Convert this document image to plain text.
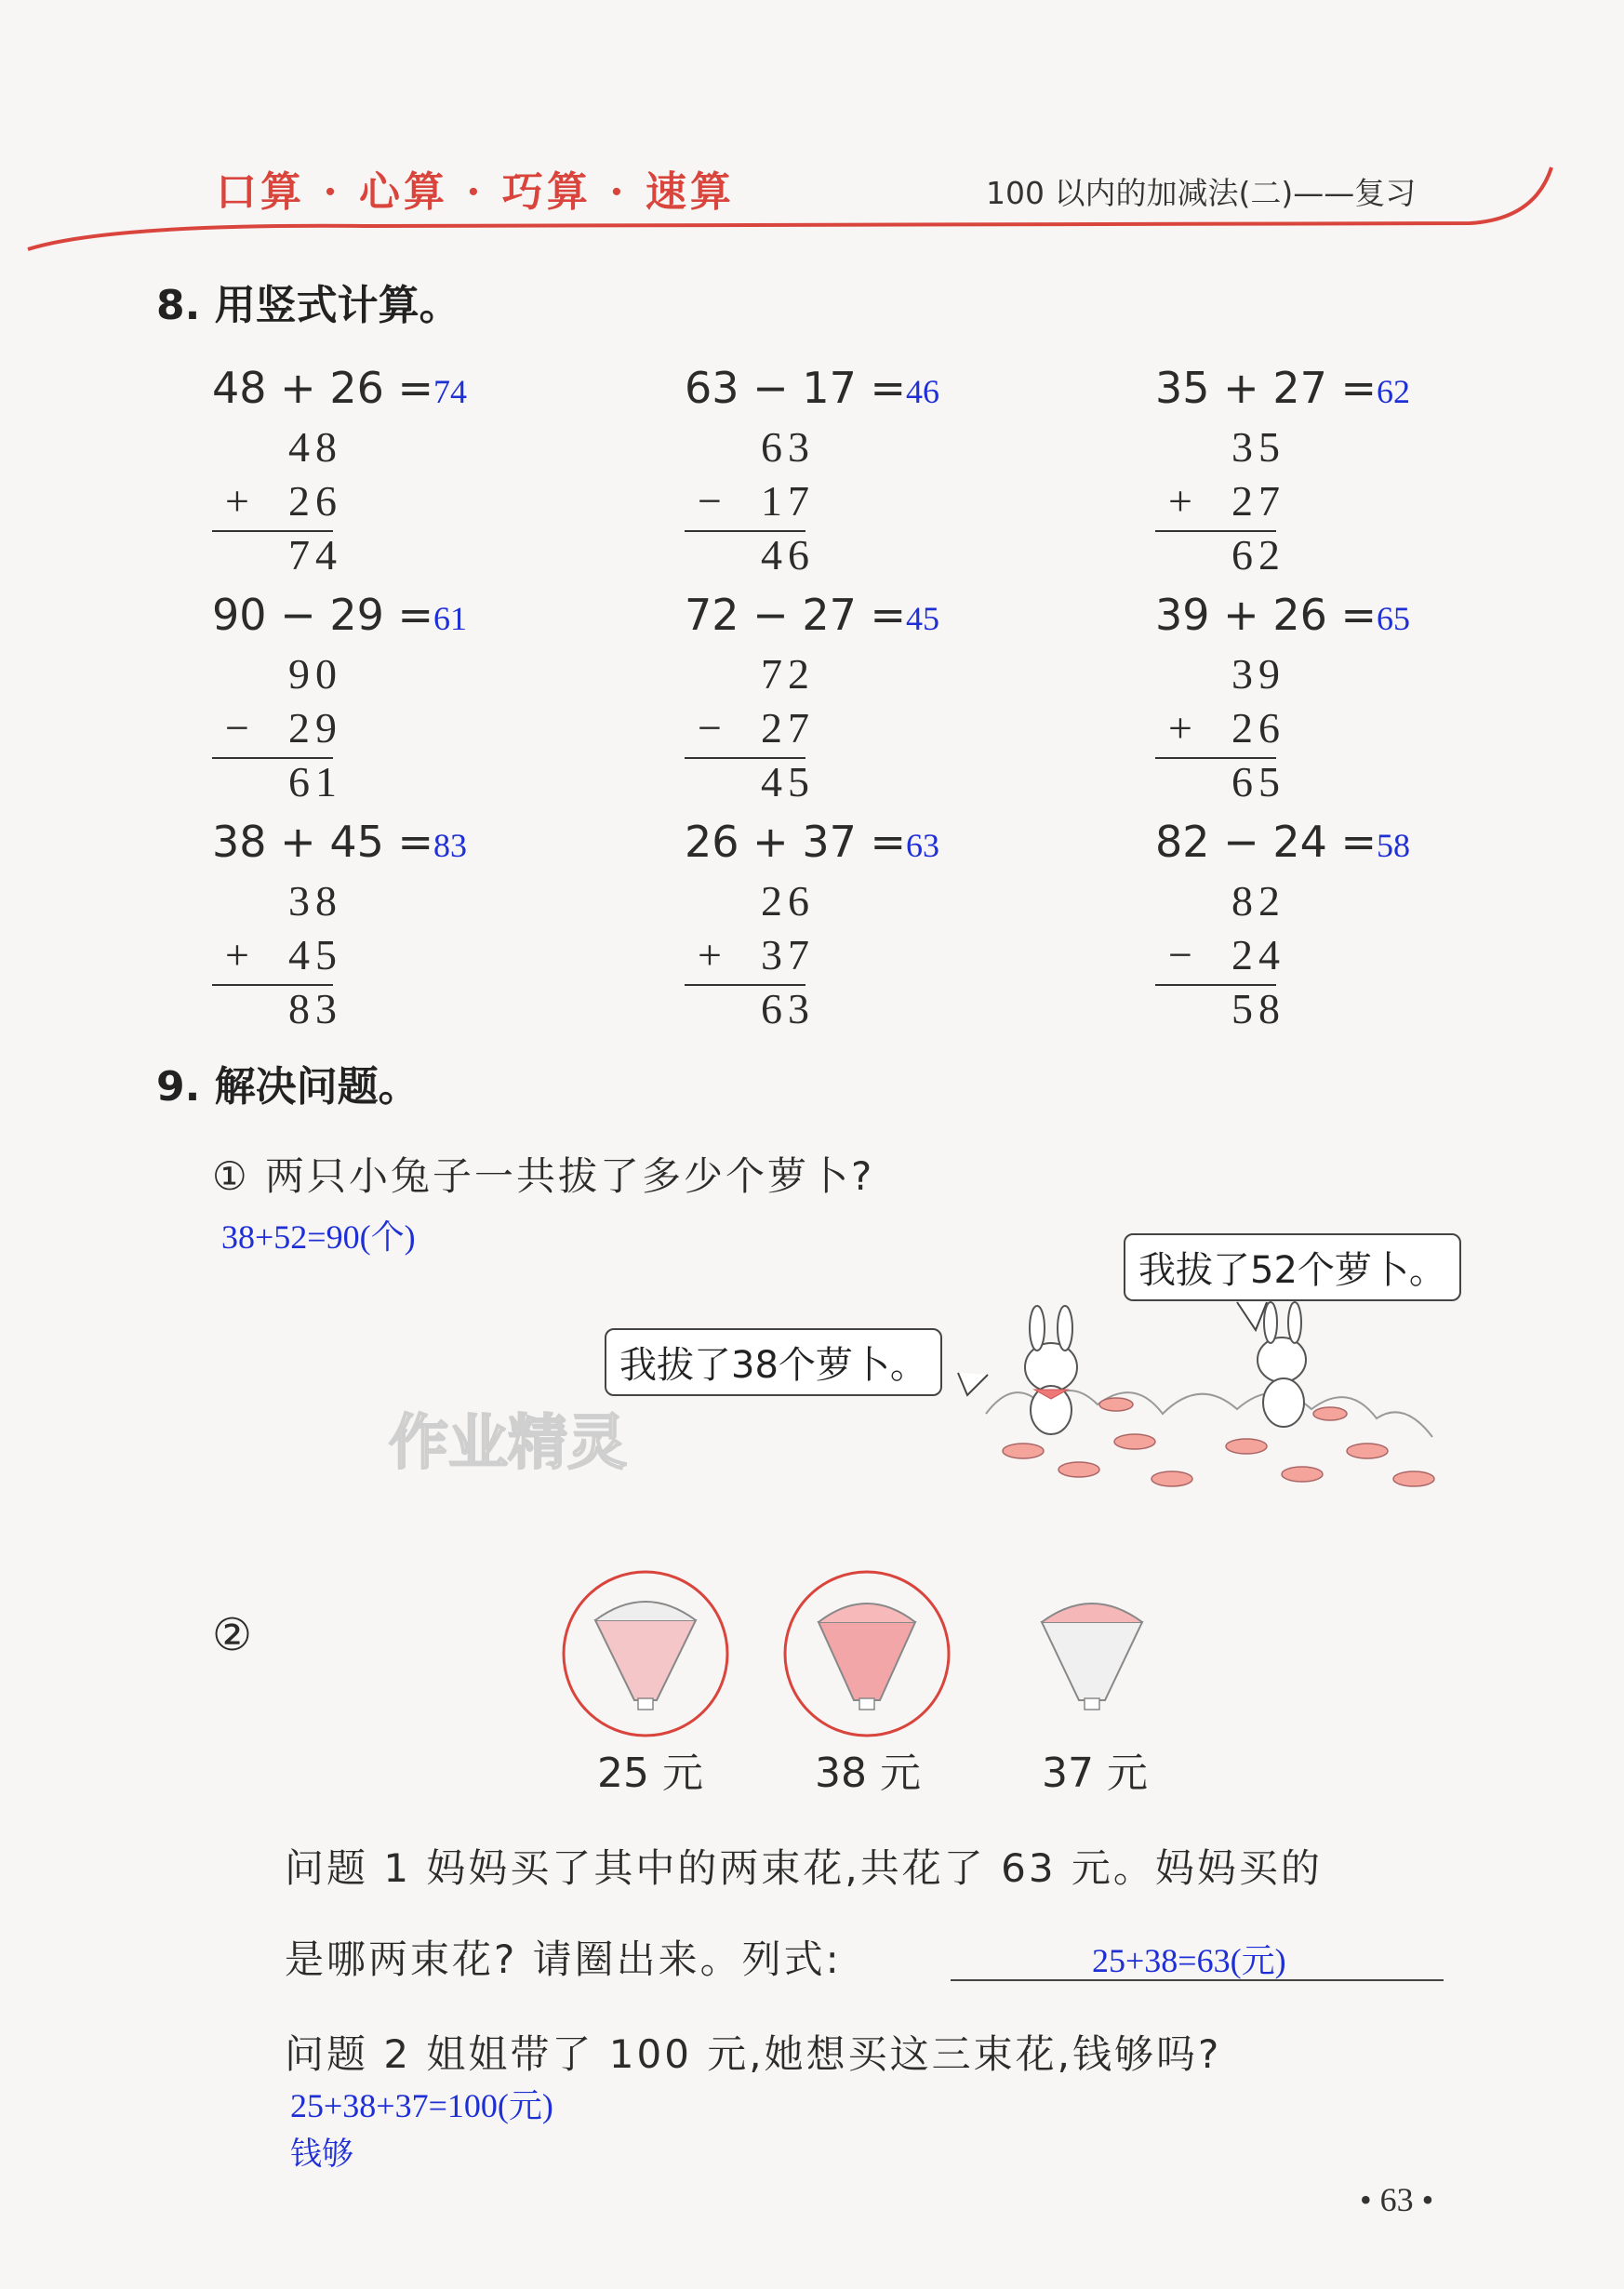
口算 · 心算 · 巧算 · 速算	100 以内的加减法(二)——复习
8. 用竖式计算。
48 + 26 =74
48
+ 26
74
63 − 17 =46
63
− 17
46
35 + 27 =62
35
+ 27
62
90 − 29 =61
90
− 29
61
72 − 27 =45
72
− 27
45
39 + 26 =65
39
+ 26
65
38 + 45 =83
38
+ 45
83
26 + 37 =63
26
+ 37
63
82 − 24 =58
82
− 24
58
9. 解决问题。
① 两只小兔子一共拔了多少个萝卜?
38+52=90(个)
我拔了52个萝卜。
我拔了38个萝卜。
作业精灵
②
25 元	38 元	37 元
问题 1 妈妈买了其中的两束花,共花了 63 元。妈妈买的
是哪两束花? 请圈出来。列式:	25+38=63(元)
问题 2 姐姐带了 100 元,她想买这三束花,钱够吗?
25+38+37=100(元)
钱够
• 63 •
